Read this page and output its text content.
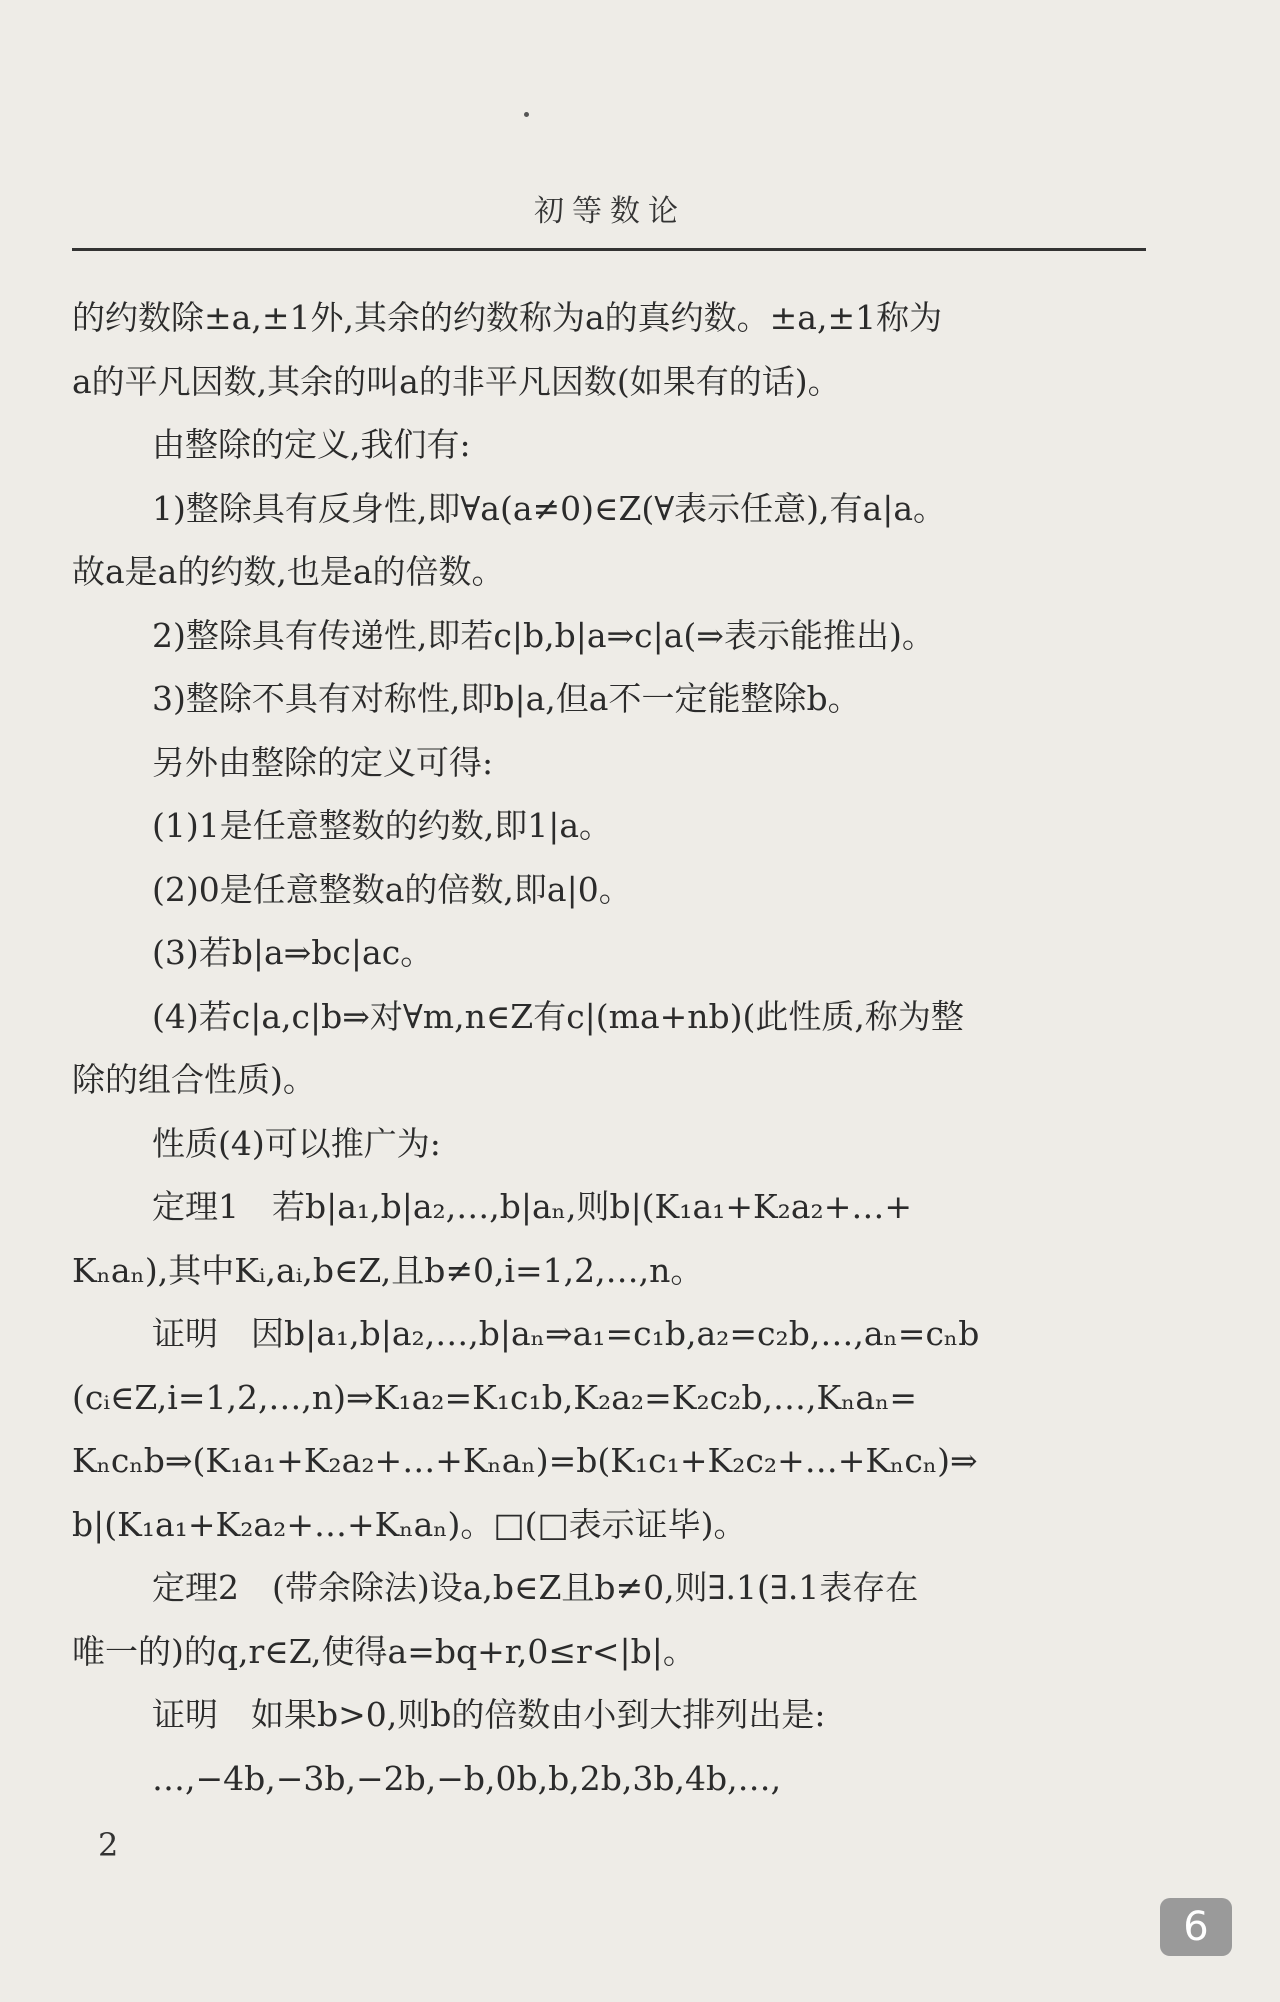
初等数论
的约数除±a,±1外,其余的约数称为a的真约数。±a,±1称为
a的平凡因数,其余的叫a的非平凡因数(如果有的话)。
由整除的定义,我们有:
1)整除具有反身性,即∀a(a≠0)∈Z(∀表示任意),有a|a。
故a是a的约数,也是a的倍数。
2)整除具有传递性,即若c|b,b|a⇒c|a(⇒表示能推出)。
3)整除不具有对称性,即b|a,但a不一定能整除b。
另外由整除的定义可得:
(1)1是任意整数的约数,即1|a。
(2)0是任意整数a的倍数,即a|0。
(3)若b|a⇒bc|ac。
(4)若c|a,c|b⇒对∀m,n∈Z有c|(ma+nb)(此性质,称为整
除的组合性质)。
性质(4)可以推广为:
定理1　若b|a₁,b|a₂,…,b|aₙ,则b|(K₁a₁+K₂a₂+…+
Kₙaₙ),其中Kᵢ,aᵢ,b∈Z,且b≠0,i=1,2,…,n。
证明　因b|a₁,b|a₂,…,b|aₙ⇒a₁=c₁b,a₂=c₂b,…,aₙ=cₙb
(cᵢ∈Z,i=1,2,…,n)⇒K₁a₂=K₁c₁b,K₂a₂=K₂c₂b,…,Kₙaₙ=
Kₙcₙb⇒(K₁a₁+K₂a₂+…+Kₙaₙ)=b(K₁c₁+K₂c₂+…+Kₙcₙ)⇒
b|(K₁a₁+K₂a₂+…+Kₙaₙ)。□(□表示证毕)。
定理2　(带余除法)设a,b∈Z且b≠0,则∃.1(∃.1表存在
唯一的)的q,r∈Z,使得a=bq+r,0≤r<|b|。
证明　如果b>0,则b的倍数由小到大排列出是:
…,−4b,−3b,−2b,−b,0b,b,2b,3b,4b,…,
2
6
